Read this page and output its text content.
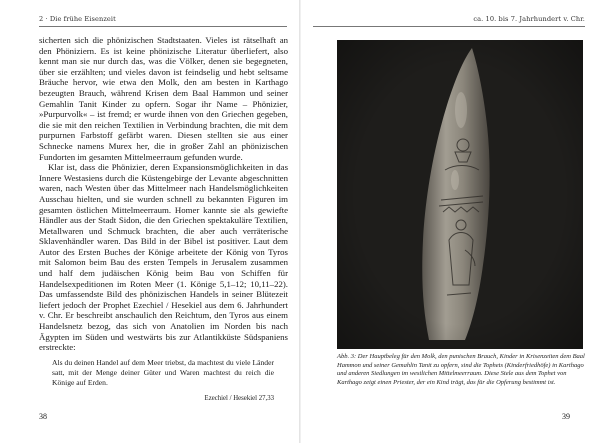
2 · Die frühe Eisenzeit

sicherten sich die phönizischen Stadtstaaten. Vieles ist rätselhaft an den Phöniziern. Es ist keine phönizische Literatur überliefert, also kennt man sie nur durch das, was die Völker, denen sie begegneten, über sie erzählten; und vieles davon ist feindselig und hebt seltsame Bräuche hervor, wie etwa den Molk, den am besten in Karthago bezeugten Brauch, während Krisen dem Baal Hammon und seiner Gemahlin Tanit Kinder zu opfern. Sogar ihr Name – Phönizier, »Purpurvolk« – ist fremd; er wurde ihnen von den Griechen gegeben, die sie mit den reichen Textilien in Verbindung brachten, die mit dem purpurnen Farbstoff gefärbt waren. Diesen stellten sie aus einer Schnecke namens Murex her, die in großer Zahl an phönizischen Fundorten im gesamten Mittelmeerraum gefunden wurde.

Klar ist, dass die Phönizier, deren Expansionsmöglichkeiten in das Innere Westasiens durch die Küstengebirge der Levante abgeschnitten waren, nach Westen über das Mittelmeer nach Handelsmöglichkeiten Ausschau hielten, und sie wurden schnell zu bekannten Figuren im gesamten östlichen Mittelmeerraum. Homer kannte sie als gewiefte Händler aus der Stadt Sidon, die den Griechen spektakuläre Textilien, Metallwaren und Schmuck brachten, die aber auch verräterische Sklavenhändler waren. Das Bild in der Bibel ist positiver. Laut dem Autor des Ersten Buches der Könige arbeitete der König von Tyros mit Salomon beim Bau des ersten Tempels in Jerusalem zusammen und half dem judäischen König beim Bau von Schiffen für Handelsexpeditionen im Roten Meer (1. Könige 5,1–12; 10,11–22). Das umfassendste Bild des phönizischen Handels in seiner Blütezeit liefert jedoch der Prophet Ezechiel / Hesekiel aus dem 6. Jahrhundert v. Chr. Er beschreibt anschaulich den Reichtum, den Tyros aus einem Handelsnetz bezog, das sich von Anatolien im Norden bis nach Ägypten im Süden und westwärts bis zur Atlantikküste Südspaniens erstreckte:

Als du deinen Handel auf dem Meer triebst, da machtest du viele Länder satt, mit der Menge deiner Güter und Waren machtest du reich die Könige auf Erden.
Ezechiel / Hesekiel 27,33
38
ca. 10. bis 7. Jahrhundert v. Chr.
39
Abb. 3: Der Hauptbeleg für den Molk, den punischen Brauch, Kinder in Krisenzeiten dem Baal Hammon und seiner Gemahlin Tanit zu opfern, sind die Tophets (Kinderfriedhöfe) in Karthago und anderen Siedlungen im westlichen Mittelmeerraum. Diese Stele aus dem Tophet von Karthago zeigt einen Priester, der ein Kind trägt, das für die Opferung bestimmt ist.
